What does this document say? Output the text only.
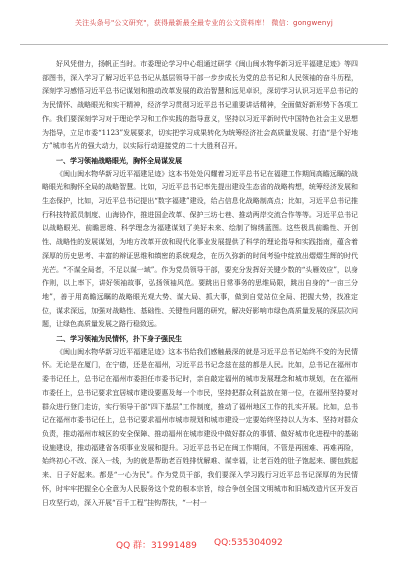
关注头条号"公文研究"，获得最新最全最专业的公文资料库！ 微信：gongwenyj

好风凭借力，扬帆正当时。市委理论学习中心组通过研学《闽山闽水物华新习近平福建足迹》等四部图书，深入学习了解习近平总书记从基层领导干部一步步成长为党的总书记和人民领袖的奋斗历程，深刻学习感悟习近平总书记谋划和推动改革发展的政治智慧和远见卓识，深切学习认识习近平总书记的为民情怀、战略眼光和实干精神，经济学习贯彻习近平总书记重要讲话精神，全面做好新形势下各项工作。我们要深刻学习对于理论学习和工作实践的指导意义，坚持以习近平新时代中国特色社会主义思想为指导，立足市委“1123”发展要求，切实把学习成果转化为统筹经济社会高质量发展、打造“是个好地方”城市名片的强大动力，以实际行动迎接党的二十大胜利召开。

一、学习领袖战略眼光，胸怀全局谋发展

《闽山闽水物华新习近平福建足迹》这本书处处闪耀着习近平总书记在福建工作期间高瞻远瞩的战略眼光和胸怀全局的战略智慧。比如，习近平总书记率先提出建设生态省的战略构想，统筹经济发展和生态保护，比如，习近平总书记提出“数字福建”建设，给占信息化战略制高点；比如，习近平总书记推行科技特派员制度、山海协作，推进国企改革、保护三坊七巷、推动两岸交流合作等等。习近平总书记以战略眼光、前瞻思维、科学理念为福建谋划了美好未来、绘制了锦绣蓝图。这些极具前瞻性、开创性、战略性的发展谋划，为地方改革开放和现代化事业发展提供了科学的理论指导和实践指南，蕴含着深厚的历史思考、丰富的辩证思维和缜密的系统观念，在历久弥新的时间考验中绽放出熠熠生辉的时代光芒。“不谋全局者，不足以谋一域”。作为党员领导干部，要充分发挥好关键少数的“头雁效应”，以身作则，以上率下，讲好领袖故事，弘扬领袖风范。要跳出日常事务的思维局限，跳出自身的“一亩三分地”，善于用高瞻远瞩的战略眼光观大势、谋大局、抓大事，做到自觉站位全局、把握大势，找准定位，谋求深远，加强对战略性、基础性、关键性问题的研究，解决好影响市绿色高质量发展的深层次问题，让绿色高质量发展之路行稳致远。

二、学习领袖为民情怀，扑下身子强民生

《闽山闽水物华新习近平福建足迹》这本书给我们感触最深的就是习近平总书记始终不变的为民情怀。无论是在厦门，在宁德，还是在福州，习近平总书记念兹在兹的都是人民。比如，总书记在福州市委书记任上，总书记在福州市委担任市委书记时，亲自敲定福州的城市发展理念和城市规划，在在福州市委任上，总书记要求宜居城市建设要惠及每一个市民，坚持把群众利益放在第一位，在福州坚持要对群众进行登门走访，实行领导干部“四下基层”工作制度，推动了福州地区工作的扎实开展。比如，总书记在福州市委书记任上，总书记要求福州市城市规划和城市建设一定要始终坚持以人为本、坚持对群众负责，推动福州市城区的安全保障、推动福州在城市建设中做好群众的事情、做好城市化进程中的基础设施建设，推动福建省各项事业发展和提升。习近平总书记在闽工作期间，不管是再困难、再难再险，始终初心不改、深入一线，为的就是帮助老百姓排忧解难、谋幸福，让老百姓的肚子饱起来、腰包鼓起来、日子好起来。都是“一心为民”。作为党员干部，我们要深入学习践行习近平总书记深厚的为民情怀，时牢牢把握全心全意为人民服务这个党的根本宗旨，综合争创全国文明城市和旧城改造片区开发百日攻坚行动，深入开展“百千工程”挂钩帮扶，“一村一

QQ 群：31991489 QQ:535304092
